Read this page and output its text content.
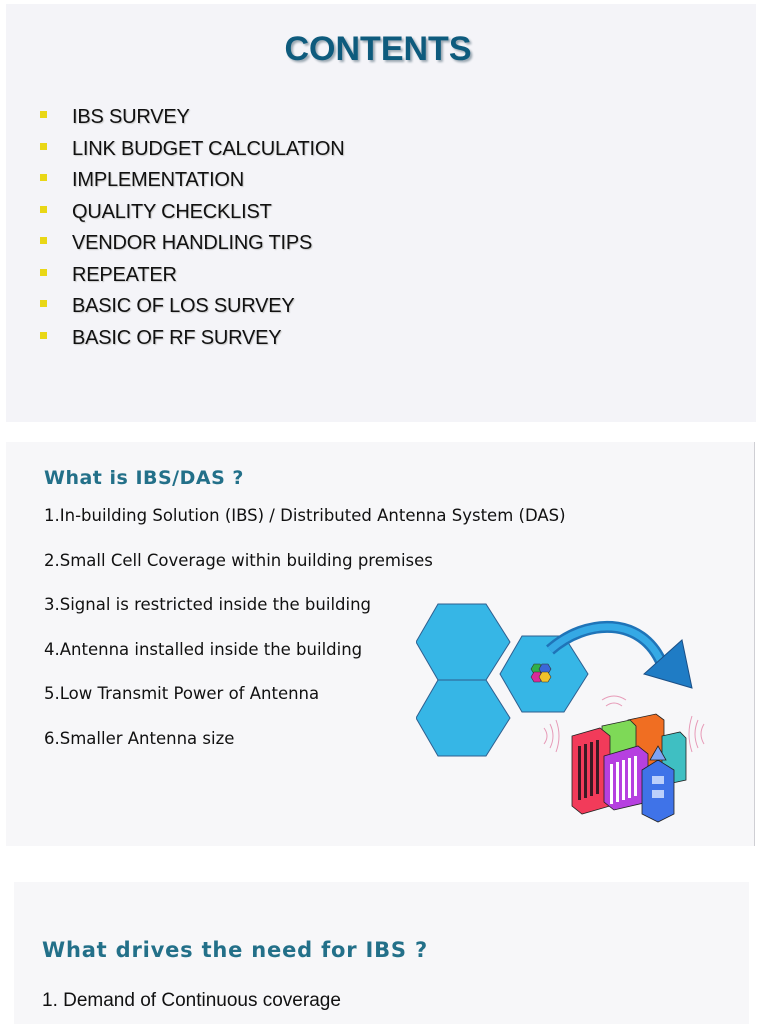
CONTENTS
IBS SURVEY
LINK BUDGET CALCULATION
IMPLEMENTATION
QUALITY CHECKLIST
VENDOR HANDLING TIPS
REPEATER
BASIC OF LOS SURVEY
BASIC OF RF SURVEY
What is IBS/DAS ?
1.In-building Solution (IBS) / Distributed Antenna System (DAS)
2.Small Cell Coverage within building premises
3.Signal is restricted inside the building
4.Antenna installed inside the building
5.Low Transmit Power of Antenna
6.Smaller Antenna size
What drives the need for IBS ?
1. Demand of Continuous coverage
